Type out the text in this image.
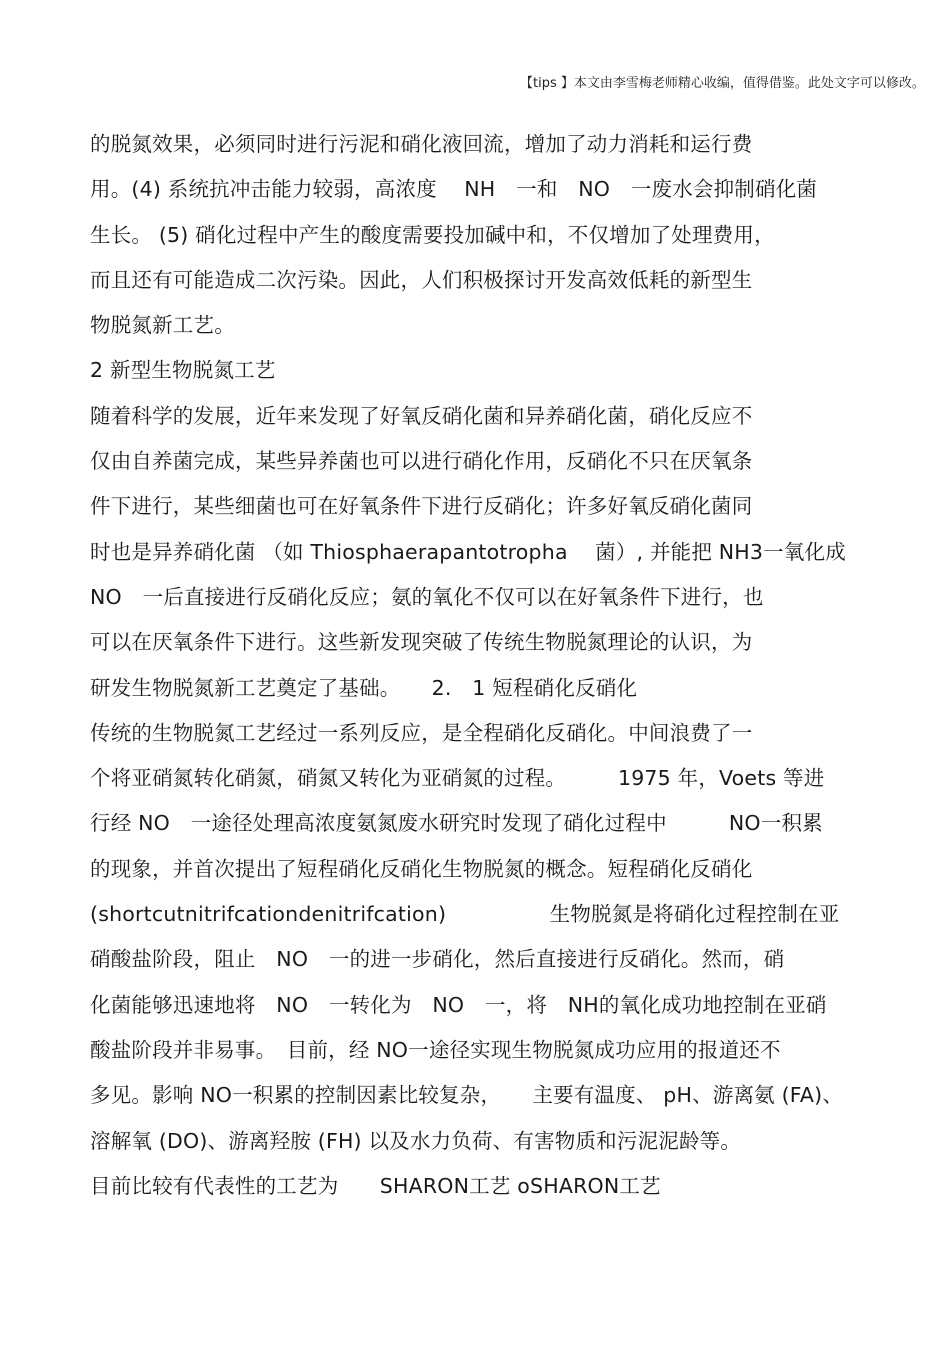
【tips 】本文由李雪梅老师精心收编，值得借鉴。此处文字可以修改。
的脱氮效果，必须同时进行污泥和硝化液回流，增加了动力消耗和运行费
用。(4) 系统抗冲击能力较弱，高浓度 　NH　一和　NO　一废水会抑制硝化菌
生长。 (5) 硝化过程中产生的酸度需要投加碱中和，不仅增加了处理费用，
而且还有可能造成二次污染。因此，人们积极探讨开发高效低耗的新型生
物脱氮新工艺。
2 新型生物脱氮工艺
随着科学的发展，近年来发现了好氧反硝化菌和异养硝化菌，硝化反应不
仅由自养菌完成，某些异养菌也可以进行硝化作用，反硝化不只在厌氧条
件下进行，某些细菌也可在好氧条件下进行反硝化；许多好氧反硝化菌同
时也是异养硝化菌 （如 Thiosphaerapantotropha　 菌）, 并能把 NH3一氧化成
NO　一后直接进行反硝化反应；氨的氧化不仅可以在好氧条件下进行，也
可以在厌氧条件下进行。这些新发现突破了传统生物脱氮理论的认识，为
研发生物脱氮新工艺奠定了基础。　　2.　1 短程硝化反硝化
传统的生物脱氮工艺经过一系列反应，是全程硝化反硝化。中间浪费了一
个将亚硝氮转化硝氮，硝氮又转化为亚硝氮的过程。　　　1975 年，Voets 等进
行经 NO　一途径处理高浓度氨氮废水研究时发现了硝化过程中　　　NO一积累
的现象，并首次提出了短程硝化反硝化生物脱氮的概念。短程硝化反硝化
(shortcutnitrifcationdenitrifcation)　　　　　生物脱氮是将硝化过程控制在亚
硝酸盐阶段，阻止　NO　一的进一步硝化，然后直接进行反硝化。然而，硝
化菌能够迅速地将　NO　一转化为　NO　一，将　NH的氧化成功地控制在亚硝
酸盐阶段并非易事。　目前，经 NO一途径实现生物脱氮成功应用的报道还不
多见。影响 NO一积累的控制因素比较复杂，　　主要有温度、 pH、游离氨 (FA)、
溶解氧 (DO)、游离羟胺 (FH) 以及水力负荷、有害物质和污泥泥龄等。
目前比较有代表性的工艺为　　SHARON工艺 oSHARON工艺
